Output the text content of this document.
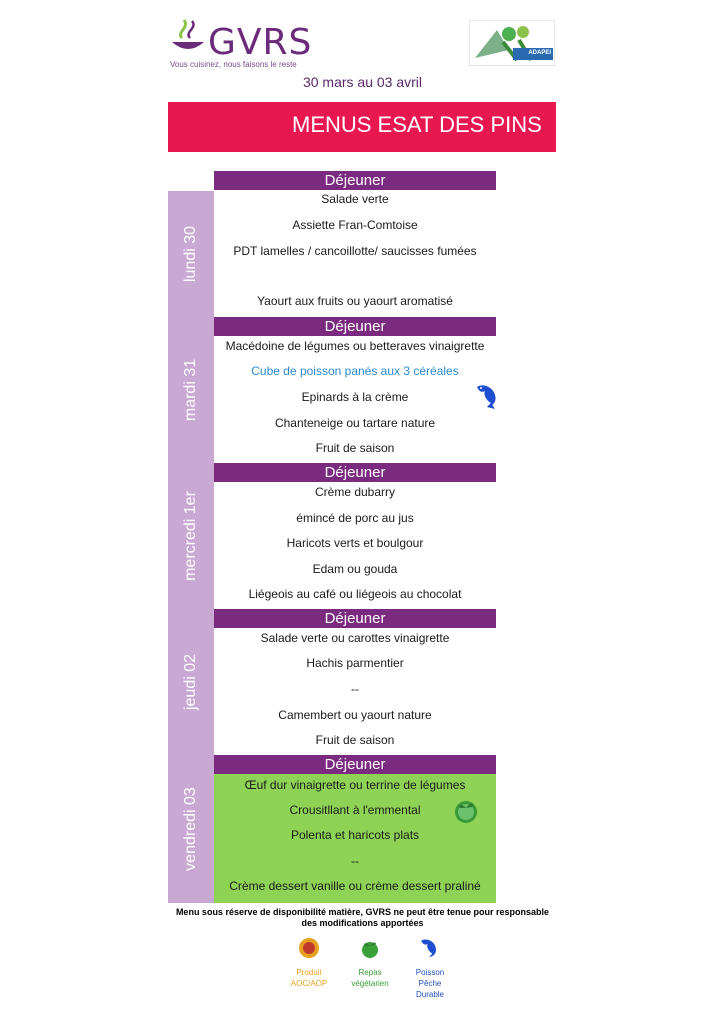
GVRS
Vous cuisinez, nous faisons le reste
ADAPEI
30 mars au 03 avril
MENUS ESAT DES PINS
lundi 30
Déjeuner
Salade verte
Assiette Fran-Comtoise
PDT lamelles / cancoillotte/ saucisses fumées
Yaourt aux fruits ou yaourt aromatisé
mardi 31
Déjeuner
Macédoine de légumes ou betteraves vinaigrette
Cube de poisson panés aux 3 céréales
Epinards à la crème
Chanteneige ou tartare nature
Fruit de saison
mercredi 1er
Déjeuner
Crème dubarry
émincé de porc au jus
Haricots verts et boulgour
Edam ou gouda
Liégeois au café ou liégeois au chocolat
jeudi 02
Déjeuner
Salade verte ou carottes vinaigrette
Hachis parmentier
--
Camembert ou yaourt nature
Fruit de saison
vendredi 03
Déjeuner
Œuf dur vinaigrette ou terrine de légumes
Crousitllant à l'emmental
Polenta et haricots plats
--
Crème dessert vanille ou crème dessert praliné
Menu sous réserve de disponibilité matière, GVRS ne peut être tenue pour responsable
des modifications apportées
Produit
AOC/AOP
Repas
végétarien
Poisson
Pêche
Durable
